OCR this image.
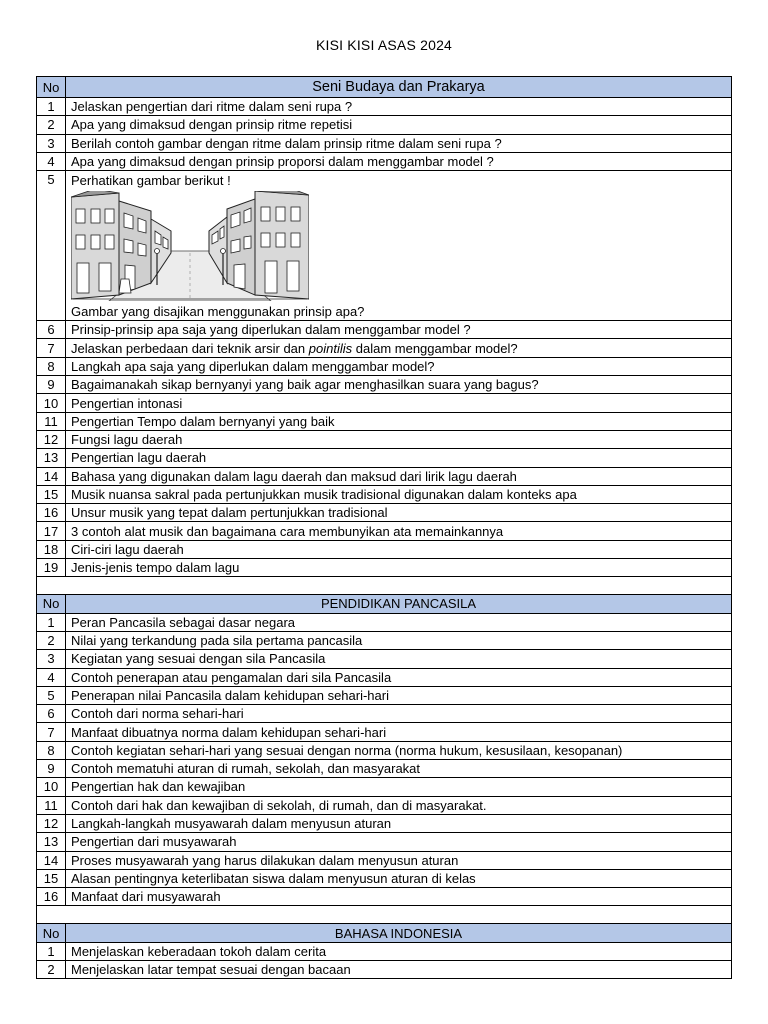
KISI KISI ASAS 2024
No	Seni Budaya dan Prakarya
1	Jelaskan pengertian dari ritme dalam seni rupa ?
2	Apa yang dimaksud dengan prinsip ritme repetisi
3	Berilah contoh gambar dengan ritme dalam prinsip ritme dalam seni rupa ?
4	Apa yang dimaksud dengan prinsip proporsi dalam menggambar model ?
5	Perhatikan gambar berikut !
Gambar yang disajikan menggunakan prinsip apa?

6	Prinsip-prinsip apa saja yang diperlukan dalam menggambar model ?
7	Jelaskan perbedaan dari teknik arsir dan pointilis dalam menggambar model?
8	Langkah apa saja yang diperlukan dalam menggambar model?
9	Bagaimanakah sikap bernyanyi yang baik agar menghasilkan suara yang bagus?
10	Pengertian intonasi
11	Pengertian Tempo dalam bernyanyi yang baik
12	Fungsi lagu daerah
13	Pengertian lagu daerah
14	Bahasa yang digunakan dalam lagu daerah dan maksud dari lirik lagu daerah
15	Musik nuansa sakral pada pertunjukkan musik tradisional digunakan dalam konteks apa
16	Unsur musik yang tepat dalam pertunjukkan tradisional
17	3 contoh alat musik dan bagaimana cara membunyikan ata memainkannya
18	Ciri-ciri lagu daerah
19	Jenis-jenis tempo dalam lagu

No	PENDIDIKAN PANCASILA
1	Peran Pancasila sebagai dasar negara
2	Nilai yang terkandung pada sila pertama pancasila
3	Kegiatan yang sesuai dengan sila Pancasila
4	Contoh penerapan atau pengamalan dari sila Pancasila
5	Penerapan nilai Pancasila dalam kehidupan sehari-hari
6	Contoh dari norma sehari-hari
7	Manfaat dibuatnya norma dalam kehidupan sehari-hari
8	Contoh kegiatan sehari-hari yang sesuai dengan norma (norma hukum, kesusilaan, kesopanan)
9	Contoh mematuhi aturan di rumah, sekolah, dan masyarakat
10	Pengertian hak dan kewajiban
11	Contoh dari hak dan kewajiban di sekolah, di rumah, dan di masyarakat.
12	Langkah-langkah musyawarah dalam menyusun aturan
13	Pengertian dari musyawarah
14	Proses musyawarah yang harus dilakukan dalam menyusun aturan
15	Alasan pentingnya keterlibatan siswa dalam menyusun aturan di kelas
16	Manfaat dari musyawarah

No	BAHASA INDONESIA
1	Menjelaskan keberadaan tokoh dalam cerita
2	Menjelaskan latar tempat sesuai dengan bacaan
